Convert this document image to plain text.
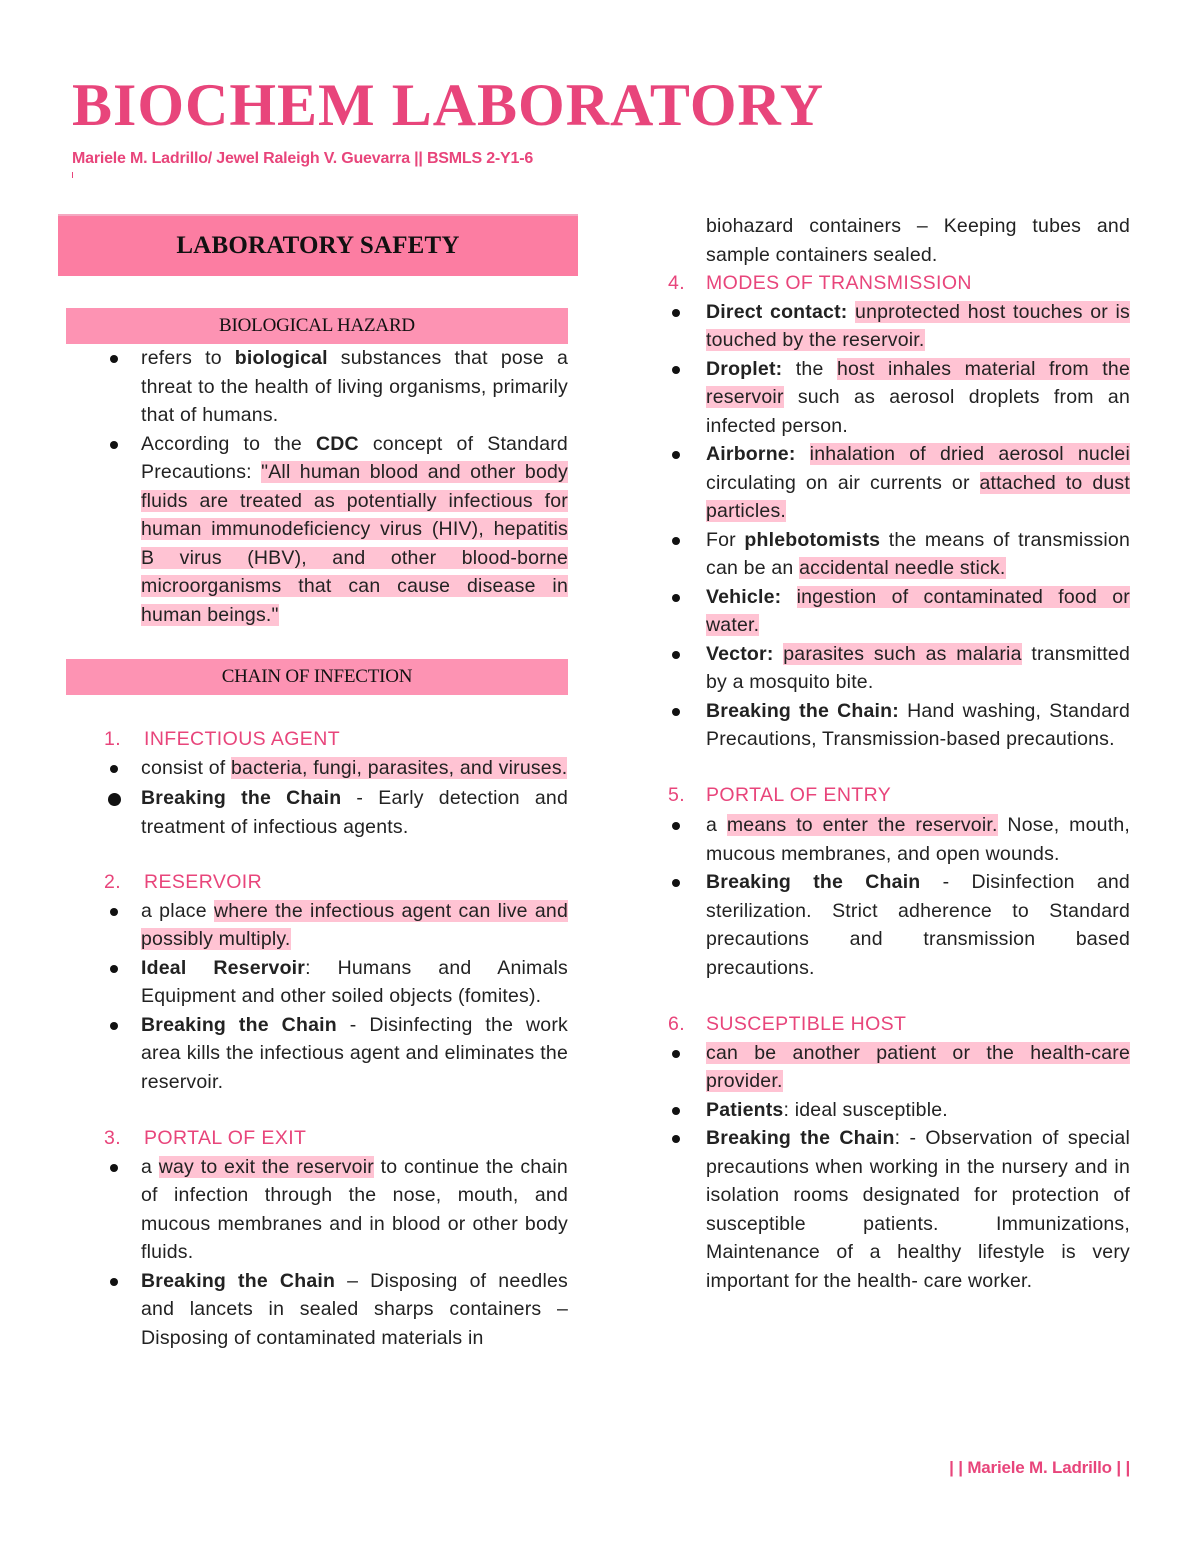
BIOCHEM LABORATORY
Mariele M. Ladrillo/ Jewel Raleigh V. Guevarra || BSMLS 2-Y1-6
LABORATORY SAFETY
BIOLOGICAL HAZARD
refers to biological substances that pose a threat to the health of living organisms, primarily that of humans.
According to the CDC concept of Standard Precautions: "All human blood and other body fluids are treated as potentially infectious for human immunodeficiency virus (HIV), hepatitis B virus (HBV), and other blood-borne microorganisms that can cause disease in human beings."
CHAIN OF INFECTION
1.	INFECTIOUS AGENT
consist of bacteria, fungi, parasites, and viruses.
Breaking the Chain - Early detection and treatment of infectious agents.
2.	RESERVOIR
a place where the infectious agent can live and possibly multiply.
Ideal Reservoir: Humans and Animals Equipment and other soiled objects (fomites).
Breaking the Chain - Disinfecting the work area kills the infectious agent and eliminates the reservoir.
3.	PORTAL OF EXIT
a way to exit the reservoir to continue the chain of infection through the nose, mouth, and mucous membranes and in blood or other body fluids.
Breaking the Chain – Disposing of needles and lancets in sealed sharps containers – Disposing of contaminated materials in
biohazard containers – Keeping tubes and sample containers sealed.
4.	MODES OF TRANSMISSION
Direct contact: unprotected host touches or is touched by the reservoir.
Droplet: the host inhales material from the reservoir such as aerosol droplets from an infected person.
Airborne: inhalation of dried aerosol nuclei circulating on air currents or attached to dust particles.
For phlebotomists the means of transmission can be an accidental needle stick.
Vehicle: ingestion of contaminated food or water.
Vector: parasites such as malaria transmitted by a mosquito bite.
Breaking the Chain: Hand washing, Standard Precautions, Transmission-based precautions.
5.	PORTAL OF ENTRY
a means to enter the reservoir. Nose, mouth, mucous membranes, and open wounds.
Breaking the Chain - Disinfection and sterilization. Strict adherence to Standard precautions and transmission based precautions.
6.	SUSCEPTIBLE HOST
can be another patient or the health-care provider.
Patients: ideal susceptible.
Breaking the Chain: - Observation of special precautions when working in the nursery and in isolation rooms designated for protection of susceptible patients. Immunizations, Maintenance of a healthy lifestyle is very important for the health- care worker.
| | Mariele M. Ladrillo | |
